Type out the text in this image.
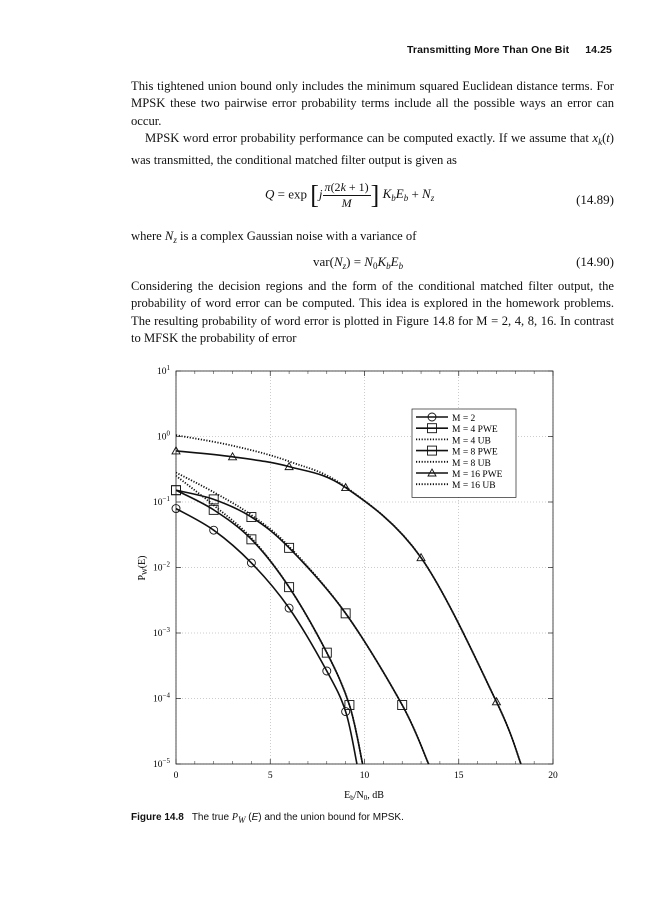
Transmitting More Than One Bit 14.25

This tightened union bound only includes the minimum squared Euclidean distance terms. For MPSK these two pairwise error probability terms include all the possible ways an error can occur.

MPSK word error probability performance can be computed exactly. If we assume that $x_k(t)$ was transmitted, the conditional matched filter output is given as

$Q = \exp [j \frac{\pi(2k + 1)}{M}$ ] $K_bE_b + N_z$	(14.89)

where $N_z$ is a complex Gaussian noise with a variance of

$var(N_z) = N_0K_bE_b$	(14.90)

Considering the decision regions and the form of the conditional matched filter output, the probability of word error can be computed. This idea is explored in the homework problems. The resulting probability of word error is plotted in Figure 14.8 for M = 2, 4, 8, 16. In contrast to MFSK the probability of error

0	5	10	15	20
$10^1$
$10^0$
$10^{-1}$
$10^{-2}$
$10^{-3}$
$10^{-4}$
$10^{-5}$
M = 2
M = 4 PWE
M = 4 UB
M = 8 PWE
M = 8 UB
M = 16 PWE
M = 16 UB
$E_b/N_0$, dB
$P_W(E)$
Figure 14.8 The true PW (E) and the union bound for MPSK.
